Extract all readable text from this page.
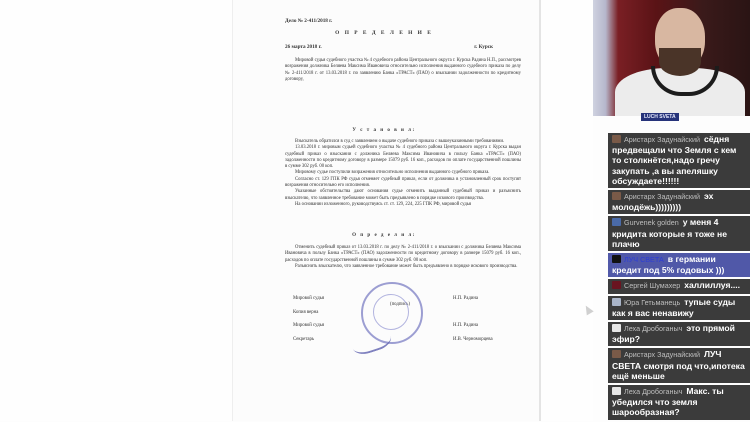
Дело № 2-411/2018 г.
О П Р Е Д Е Л Е Н И Е
26 марта 2018 г.	г. Курск

Мировой судья судебного участка № 4 судебного района Центрального округа г. Курска Радина Н.П., рассмотрев возражения должника Беляева Максима Ивановича относительно исполнения выданного судебного приказа по делу № 2-411/2018 г. от 13.03.2018 г. по заявлению Банка «ТРАСТ» (ПАО) о взыскании задолженности по кредитному договору,

У с т а н о в и л:

Взыскатель обратился в суд с заявлением о выдаче судебного приказа с вышеуказанными требованиями.

13.03.2018 г. мировым судьей судебного участка № 4 судебного района Центрального округа г. Курска выдан судебный приказ о взыскании с должника Беляева Максима Ивановича в пользу Банка «ТРАСТ» (ПАО) задолженности по кредитному договору в размере 15079 руб. 16 коп., расходов по оплате государственной пошлины в сумме 302 руб. 00 коп.

Мировому судье поступили возражения относительно исполнения выданного судебного приказа.

Согласно ст. 129 ГПК РФ судья отменяет судебный приказ, если от должника в установленный срок поступят возражения относительно его исполнения.

Указанные обстоятельства дают основания судье отменить выданный судебный приказ и разъяснить взыскателю, что заявленное требование может быть предъявлено в порядке искового производства.

На основании изложенного, руководствуясь ст. ст. 129, 224, 225 ГПК РФ, мировой судья

О п р е д е л и л:

Отменить судебный приказ от 13.03.2018 г. по делу № 2-411/2018 г. о взыскании с должника Беляева Максима Ивановича в пользу Банка «ТРАСТ» (ПАО) задолженности по кредитному договору в размере 15079 руб. 16 коп., расходов по оплате государственной пошлины в сумме 302 руб. 00 коп.

Разъяснить взыскателю, что заявленное требование может быть предъявлено в порядке искового производства.

Мировой судья	Н.П. Радина
(подпись)
Копия верна
Мировой судья	Н.П. Радина
Секретарь	И.В. Черноморцева
LUCH SVETA
Аристарх Задунайский сёдня предвещали что Земля с кем то столкнётся,надо гречу закупать ,а вы апеляшку обсуждаете!!!!!!
Аристарх Задунайский эх молодёжь)))))))))
Gurvenek golden у меня 4 кридита которые я тоже не плачю
ЛУЧ СВЕТА в германии кредит под 5% годовых )))
Сергей Шумахер халлиллуя....
Юра Гетьманець тупые суды как я вас ненавижу
Леха Дробоганыч это прямой эфир?
Аристарх Задунайский ЛУЧ СВЕТА смотря под что,ипотека ещё меньше
Леха Дробоганыч Макс. ты убедился что земля шарообразная?
